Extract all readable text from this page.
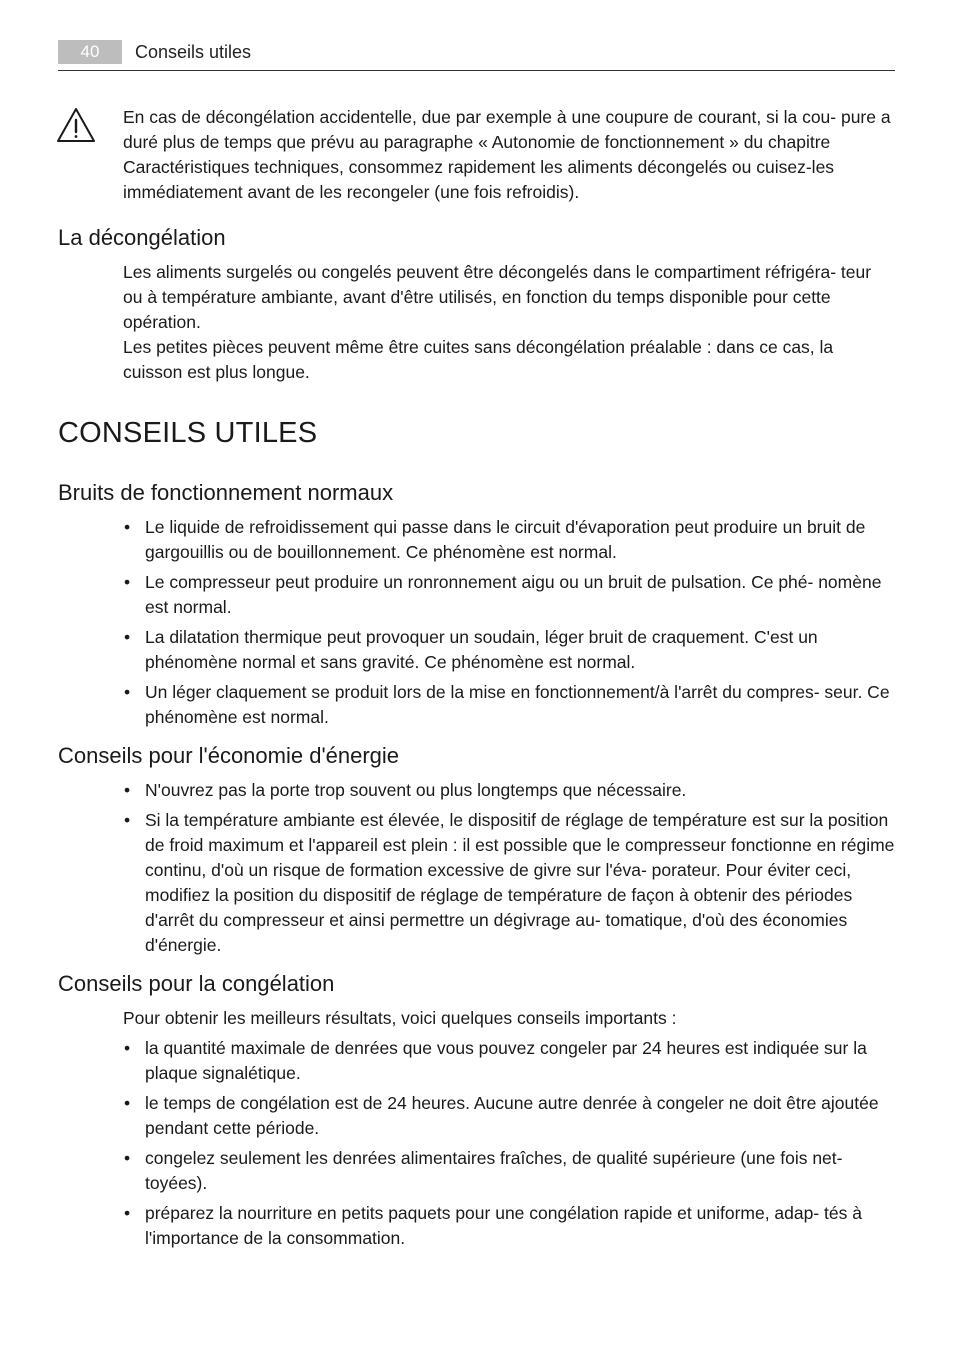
40	Conseils utiles

En cas de décongélation accidentelle, due par exemple à une coupure de courant, si la cou- pure a duré plus de temps que prévu au paragraphe « Autonomie de fonctionnement » du chapitre Caractéristiques techniques, consommez rapidement les aliments décongelés ou cuisez-les immédiatement avant de les recongeler (une fois refroidis).

La décongélation

Les aliments surgelés ou congelés peuvent être décongelés dans le compartiment réfrigéra- teur ou à température ambiante, avant d'être utilisés, en fonction du temps disponible pour cette opération.

Les petites pièces peuvent même être cuites sans décongélation préalable : dans ce cas, la cuisson est plus longue.

CONSEILS UTILES
Bruits de fonctionnement normaux
• Le liquide de refroidissement qui passe dans le circuit d'évaporation peut produire un bruit de gargouillis ou de bouillonnement. Ce phénomène est normal.
• Le compresseur peut produire un ronronnement aigu ou un bruit de pulsation. Ce phé- nomène est normal.
• La dilatation thermique peut provoquer un soudain, léger bruit de craquement. C'est un phénomène normal et sans gravité. Ce phénomène est normal.
• Un léger claquement se produit lors de la mise en fonctionnement/à l'arrêt du compres- seur. Ce phénomène est normal.
Conseils pour l'économie d'énergie
• N'ouvrez pas la porte trop souvent ou plus longtemps que nécessaire.
• Si la température ambiante est élevée, le dispositif de réglage de température est sur la position de froid maximum et l'appareil est plein : il est possible que le compresseur fonctionne en régime continu, d'où un risque de formation excessive de givre sur l'éva- porateur. Pour éviter ceci, modifiez la position du dispositif de réglage de température de façon à obtenir des périodes d'arrêt du compresseur et ainsi permettre un dégivrage au- tomatique, d'où des économies d'énergie.
Conseils pour la congélation

Pour obtenir les meilleurs résultats, voici quelques conseils importants :

• la quantité maximale de denrées que vous pouvez congeler par 24 heures est indiquée sur la plaque signalétique.
• le temps de congélation est de 24 heures. Aucune autre denrée à congeler ne doit être ajoutée pendant cette période.
• congelez seulement les denrées alimentaires fraîches, de qualité supérieure (une fois net- toyées).
• préparez la nourriture en petits paquets pour une congélation rapide et uniforme, adap- tés à l'importance de la consommation.
